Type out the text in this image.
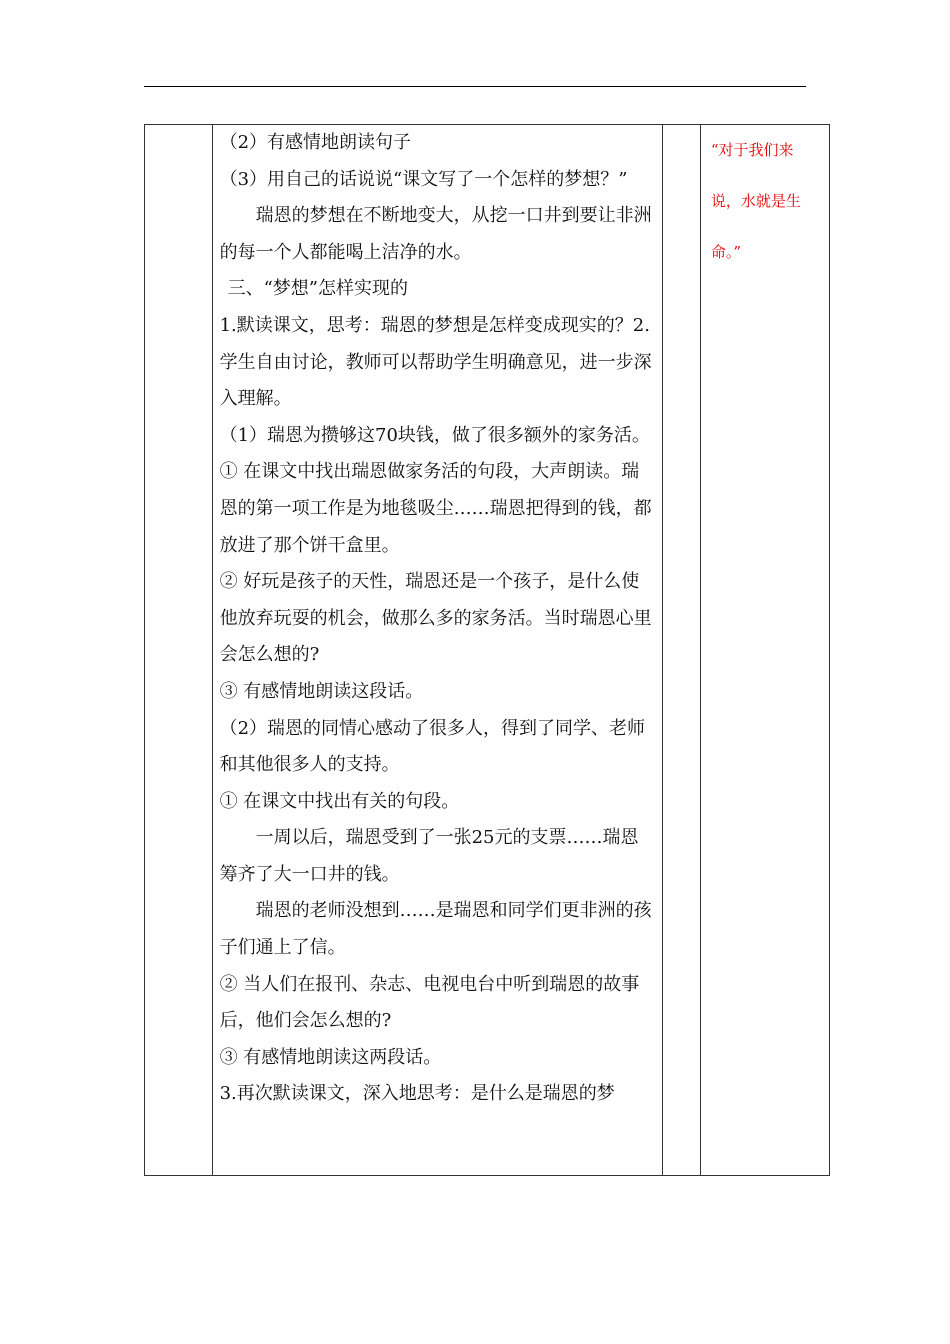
（2）有感情地朗读句子

（3）用自己的话说说“课文写了一个怎样的梦想？”

瑞恩的梦想在不断地变大，从挖一口井到要让非洲的每一个人都能喝上洁净的水。

三、“梦想”怎样实现的

1.默读课文，思考：瑞恩的梦想是怎样变成现实的？2.学生自由讨论，教师可以帮助学生明确意见，进一步深入理解。

（1）瑞恩为攒够这70块钱，做了很多额外的家务活。

① 在课文中找出瑞恩做家务活的句段，大声朗读。瑞恩的第一项工作是为地毯吸尘……瑞恩把得到的钱，都放进了那个饼干盒里。

② 好玩是孩子的天性，瑞恩还是一个孩子，是什么使他放弃玩耍的机会，做那么多的家务活。当时瑞恩心里会怎么想的?

③ 有感情地朗读这段话。

（2）瑞恩的同情心感动了很多人，得到了同学、老师和其他很多人的支持。

① 在课文中找出有关的句段。

一周以后，瑞恩受到了一张25元的支票……瑞恩筹齐了大一口井的钱。

瑞恩的老师没想到……是瑞恩和同学们更非洲的孩子们通上了信。

② 当人们在报刊、杂志、电视电台中听到瑞恩的故事后，他们会怎么想的?

③ 有感情地朗读这两段话。

3.再次默读课文，深入地思考：是什么是瑞恩的梦

“对于我们来说，水就是生命。”
